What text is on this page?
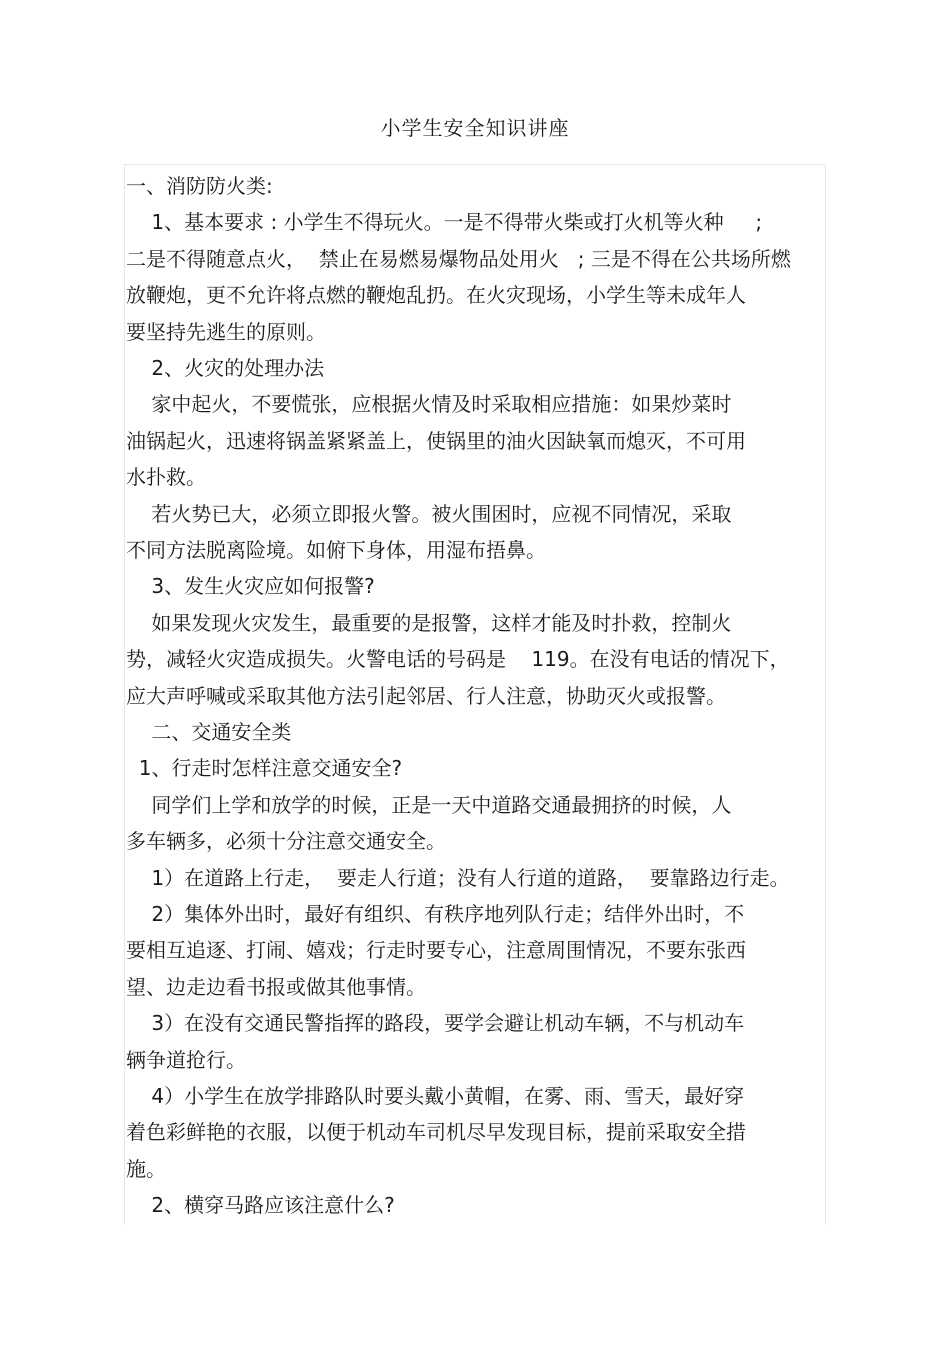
小学生安全知识讲座
一、消防防火类:
1、基本要求 : 小学生不得玩火。一是不得带火柴或打火机等火种     ;
二是不得随意点火，  禁止在易燃易爆物品处用火   ; 三是不得在公共场所燃
放鞭炮，更不允许将点燃的鞭炮乱扔。在火灾现场，小学生等未成年人
要坚持先逃生的原则。
2、火灾的处理办法
家中起火，不要慌张，应根据火情及时采取相应措施：如果炒菜时
油锅起火，迅速将锅盖紧紧盖上，使锅里的油火因缺氧而熄灭，不可用
水扑救。
若火势已大，必须立即报火警。被火围困时，应视不同情况，采取
不同方法脱离险境。如俯下身体，用湿布捂鼻。
3、发生火灾应如何报警?
如果发现火灾发生，最重要的是报警，这样才能及时扑救，控制火
势，减轻火灾造成损失。火警电话的号码是    119。在没有电话的情况下，
应大声呼喊或采取其他方法引起邻居、行人注意，协助灭火或报警。
二、交通安全类
1、行走时怎样注意交通安全?
同学们上学和放学的时候，正是一天中道路交通最拥挤的时候，人
多车辆多，必须十分注意交通安全。
1）在道路上行走，  要走人行道；没有人行道的道路，  要靠路边行走。
2）集体外出时，最好有组织、有秩序地列队行走；结伴外出时，不
要相互追逐、打闹、嬉戏；行走时要专心，注意周围情况，不要东张西
望、边走边看书报或做其他事情。
3）在没有交通民警指挥的路段，要学会避让机动车辆，不与机动车
辆争道抢行。
4）小学生在放学排路队时要头戴小黄帽，在雾、雨、雪天，最好穿
着色彩鲜艳的衣服，以便于机动车司机尽早发现目标，提前采取安全措
施。
2、横穿马路应该注意什么?
